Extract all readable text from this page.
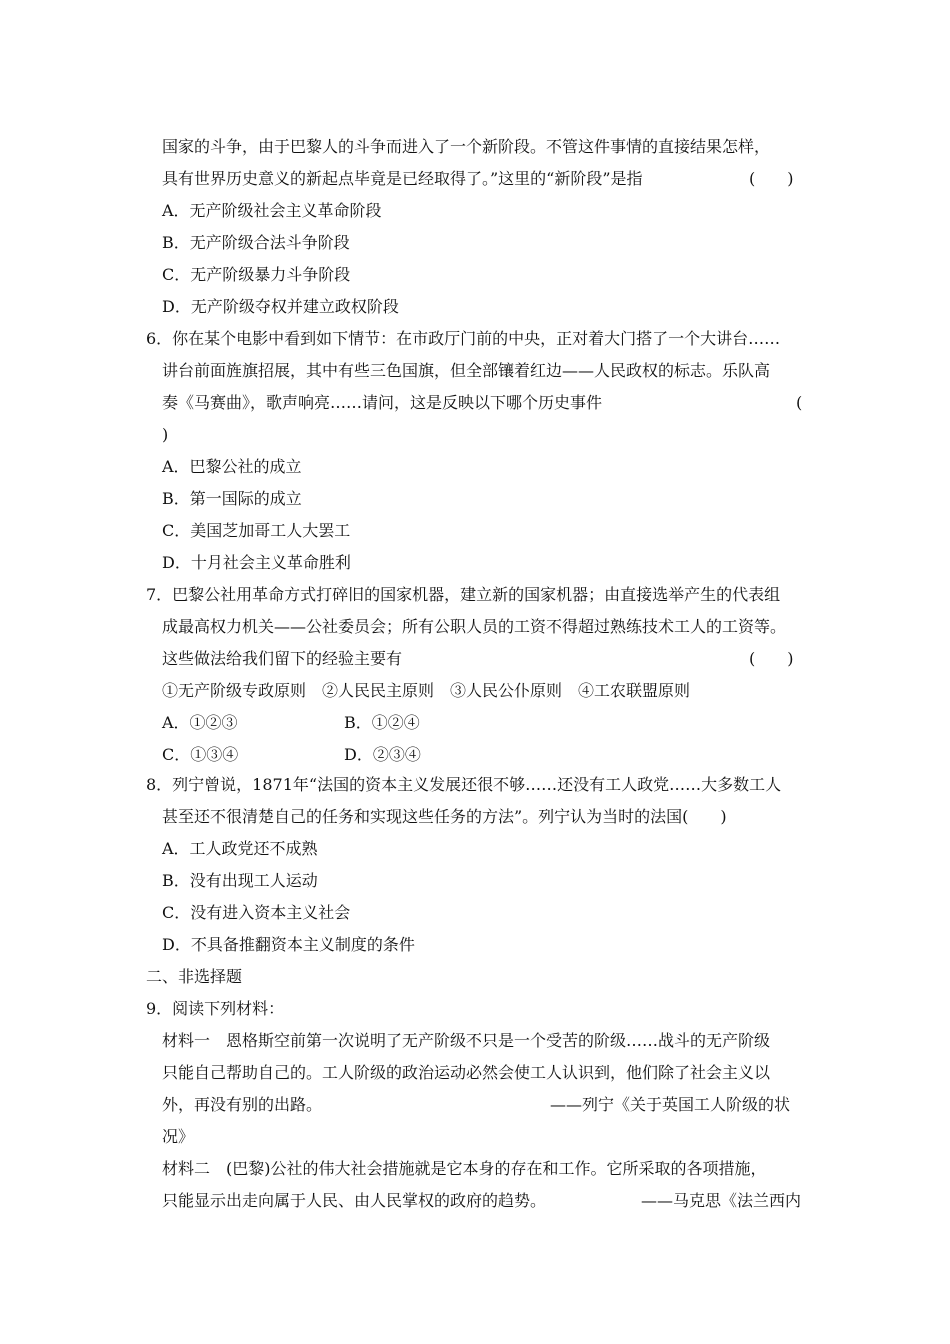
国家的斗争，由于巴黎人的斗争而进入了一个新阶段。不管这件事情的直接结果怎样，
具有世界历史意义的新起点毕竟是已经取得了。”这里的“新阶段”是指	(　　)
A．无产阶级社会主义革命阶段
B．无产阶级合法斗争阶段
C．无产阶级暴力斗争阶段
D．无产阶级夺权并建立政权阶段
6．你在某个电影中看到如下情节：在市政厅门前的中央，正对着大门搭了一个大讲台……
讲台前面旌旗招展，其中有些三色国旗，但全部镶着红边——人民政权的标志。乐队高
奏《马赛曲》，歌声响亮……请问，这是反映以下哪个历史事件	(
)
A．巴黎公社的成立
B．第一国际的成立
C．美国芝加哥工人大罢工
D．十月社会主义革命胜利
7．巴黎公社用革命方式打碎旧的国家机器，建立新的国家机器；由直接选举产生的代表组
成最高权力机关——公社委员会；所有公职人员的工资不得超过熟练技术工人的工资等。
这些做法给我们留下的经验主要有	(　　)
①无产阶级专政原则　②人民民主原则　③人民公仆原则　④工农联盟原则
A．①②③	B．①②④
C．①③④	D．②③④
8．列宁曾说，1871年“法国的资本主义发展还很不够……还没有工人政党……大多数工人
甚至还不很清楚自己的任务和实现这些任务的方法”。列宁认为当时的法国(　　)
A．工人政党还不成熟
B．没有出现工人运动
C．没有进入资本主义社会
D．不具备推翻资本主义制度的条件
二、非选择题
9．阅读下列材料：
材料一　恩格斯空前第一次说明了无产阶级不只是一个受苦的阶级……战斗的无产阶级
只能自己帮助自己的。工人阶级的政治运动必然会使工人认识到，他们除了社会主义以
外，再没有别的出路。	——列宁《关于英国工人阶级的状
况》
材料二　(巴黎)公社的伟大社会措施就是它本身的存在和工作。它所采取的各项措施，
只能显示出走向属于人民、由人民掌权的政府的趋势。	——马克思《法兰西内
